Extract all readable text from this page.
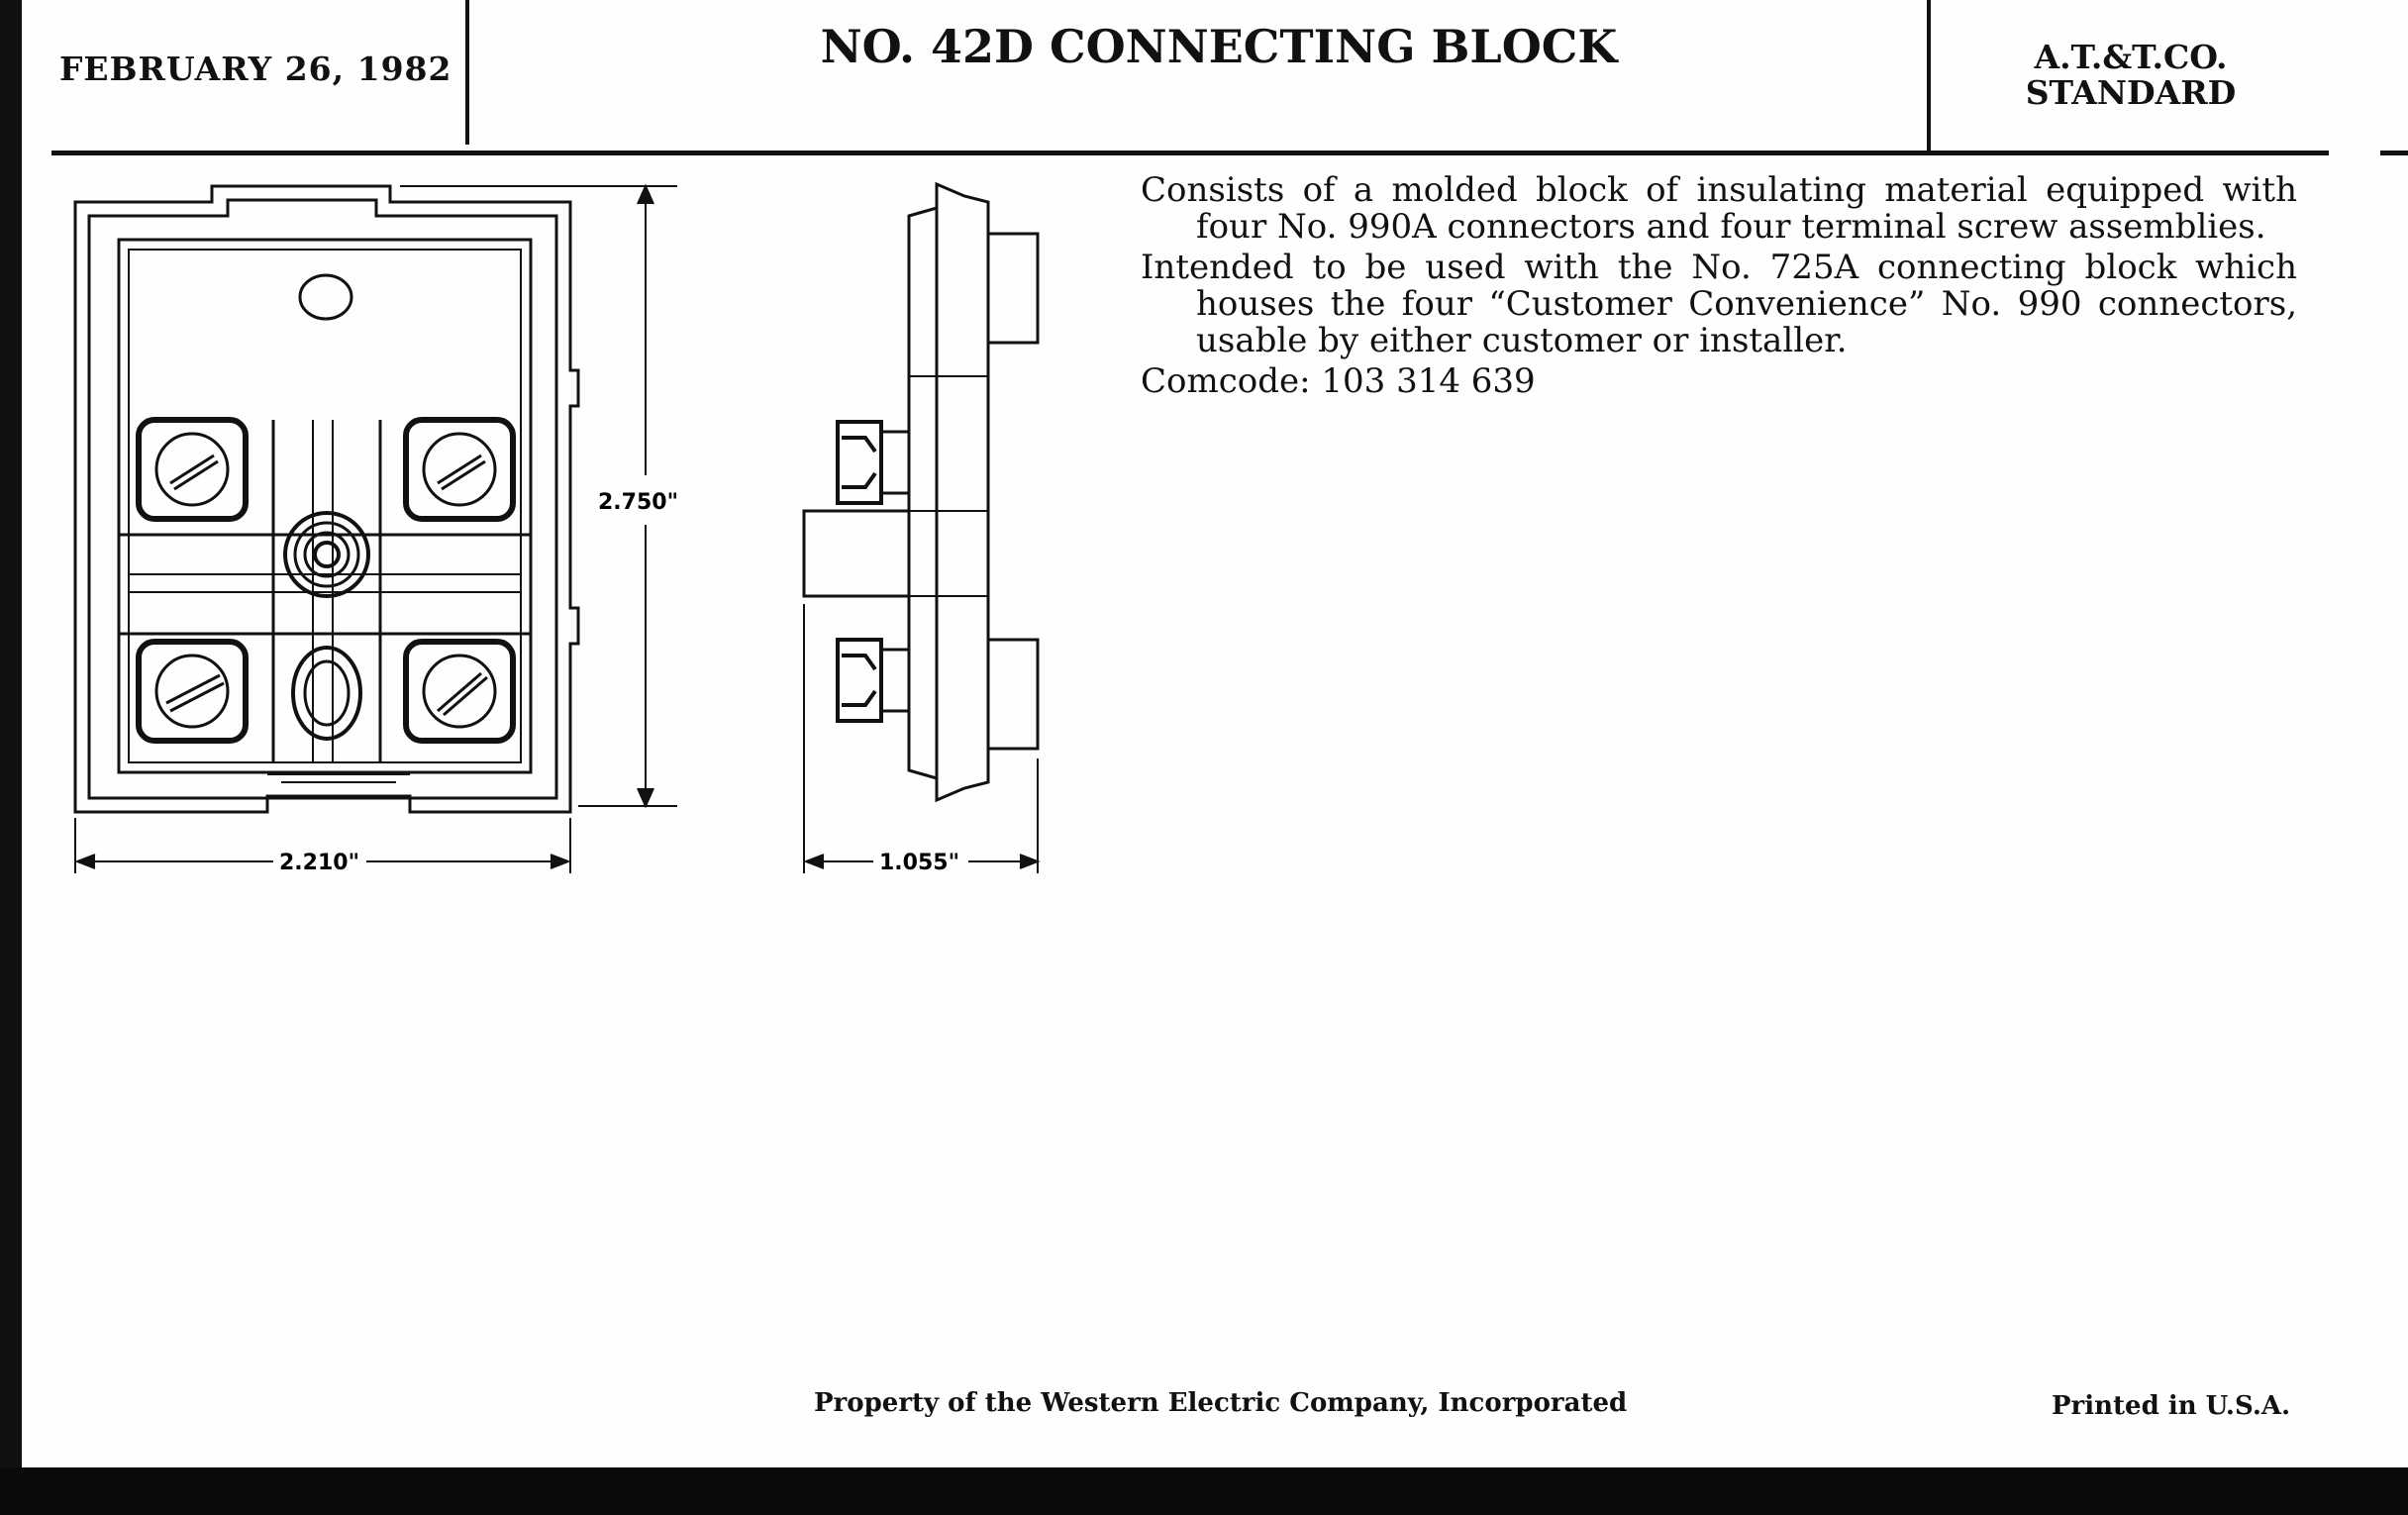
FEBRUARY 26, 1982	NO. 42D CONNECTING BLOCK	A.T.&T.CO.
STANDARD
2.750"
2.210"	1.055"

Consists of a molded block of insulating material equipped with four No. 990A connectors and four terminal screw assemblies.

Intended to be used with the No. 725A connecting block which houses the four “Customer Convenience” No. 990 connectors, usable by either customer or installer.

Comcode: 103 314 639

Property of the Western Electric Company, Incorporated	Printed in U.S.A.
